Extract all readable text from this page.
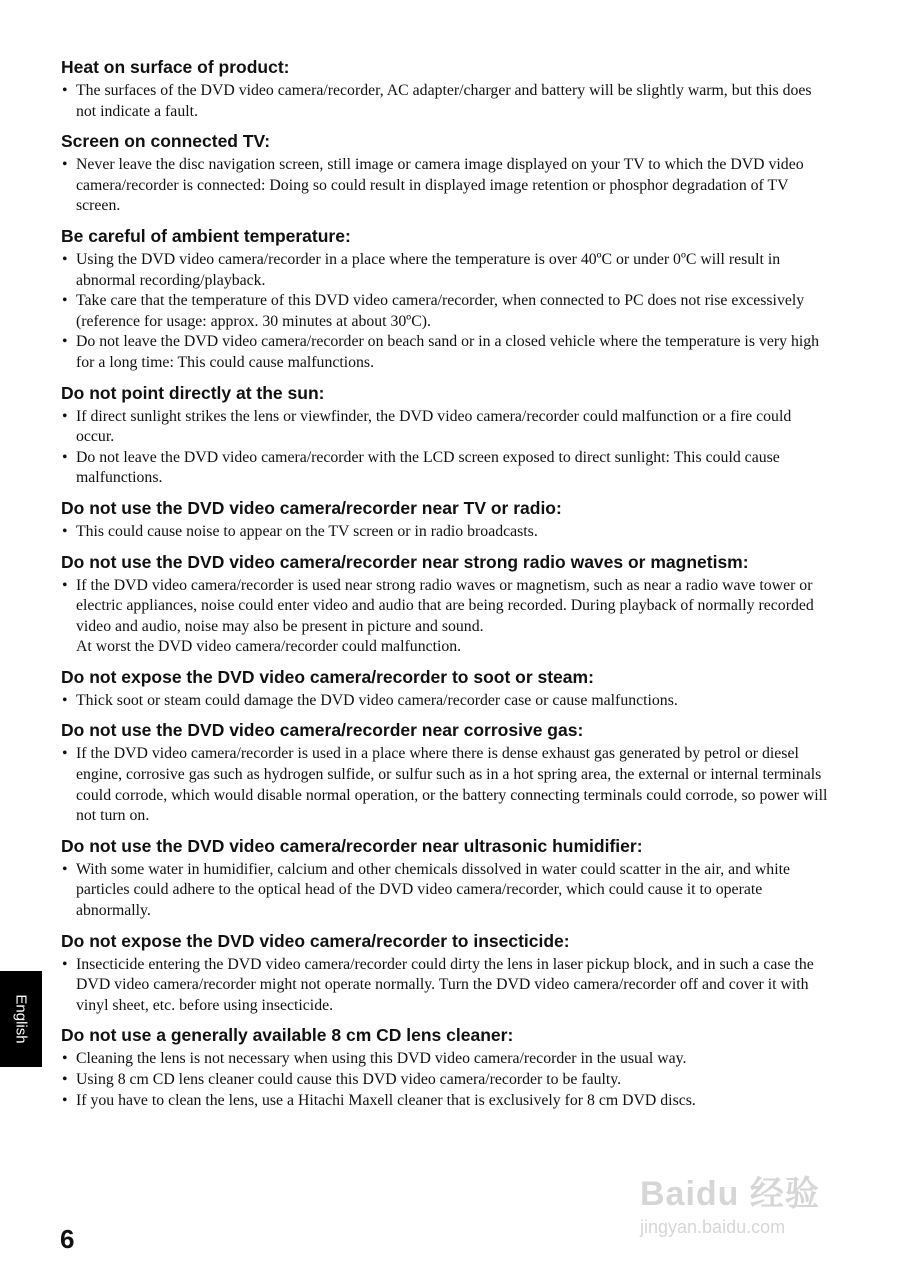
Heat on surface of product:
• The surfaces of the DVD video camera/recorder, AC adapter/charger and battery will be slightly warm, but this does not indicate a fault.
Screen on connected TV:
• Never leave the disc navigation screen, still image or camera image displayed on your TV to which the DVD video camera/recorder is connected: Doing so could result in displayed image retention or phosphor degradation of TV screen.
Be careful of ambient temperature:
• Using the DVD video camera/recorder in a place where the temperature is over 40ºC or under 0ºC will result in abnormal recording/playback.
• Take care that the temperature of this DVD video camera/recorder, when connected to PC does not rise excessively (reference for usage: approx. 30 minutes at about 30ºC).
• Do not leave the DVD video camera/recorder on beach sand or in a closed vehicle where the temperature is very high for a long time: This could cause malfunctions.
Do not point directly at the sun:
• If direct sunlight strikes the lens or viewfinder, the DVD video camera/recorder could malfunction or a fire could occur.
• Do not leave the DVD video camera/recorder with the LCD screen exposed to direct sunlight: This could cause malfunctions.
Do not use the DVD video camera/recorder near TV or radio:
• This could cause noise to appear on the TV screen or in radio broadcasts.
Do not use the DVD video camera/recorder near strong radio waves or magnetism:
• If the DVD video camera/recorder is used near strong radio waves or magnetism, such as near a radio wave tower or electric appliances, noise could enter video and audio that are being recorded. During playback of normally recorded video and audio, noise may also be present in picture and sound.
At worst the DVD video camera/recorder could malfunction.
Do not expose the DVD video camera/recorder to soot or steam:
• Thick soot or steam could damage the DVD video camera/recorder case or cause malfunctions.
Do not use the DVD video camera/recorder near corrosive gas:
• If the DVD video camera/recorder is used in a place where there is dense exhaust gas generated by petrol or diesel engine, corrosive gas such as hydrogen sulfide, or sulfur such as in a hot spring area, the external or internal terminals could corrode, which would disable normal operation, or the battery connecting terminals could corrode, so power will not turn on.
Do not use the DVD video camera/recorder near ultrasonic humidifier:
• With some water in humidifier, calcium and other chemicals dissolved in water could scatter in the air, and white particles could adhere to the optical head of the DVD video camera/recorder, which could cause it to operate abnormally.
Do not expose the DVD video camera/recorder to insecticide:
• Insecticide entering the DVD video camera/recorder could dirty the lens in laser pickup block, and in such a case the DVD video camera/recorder might not operate normally. Turn the DVD video camera/recorder off and cover it with vinyl sheet, etc. before using insecticide.
Do not use a generally available 8 cm CD lens cleaner:
• Cleaning the lens is not necessary when using this DVD video camera/recorder in the usual way.
• Using 8 cm CD lens cleaner could cause this DVD video camera/recorder to be faulty.
• If you have to clean the lens, use a Hitachi Maxell cleaner that is exclusively for 8 cm DVD discs.
English
6
Baidu 经验
jingyan.baidu.com
